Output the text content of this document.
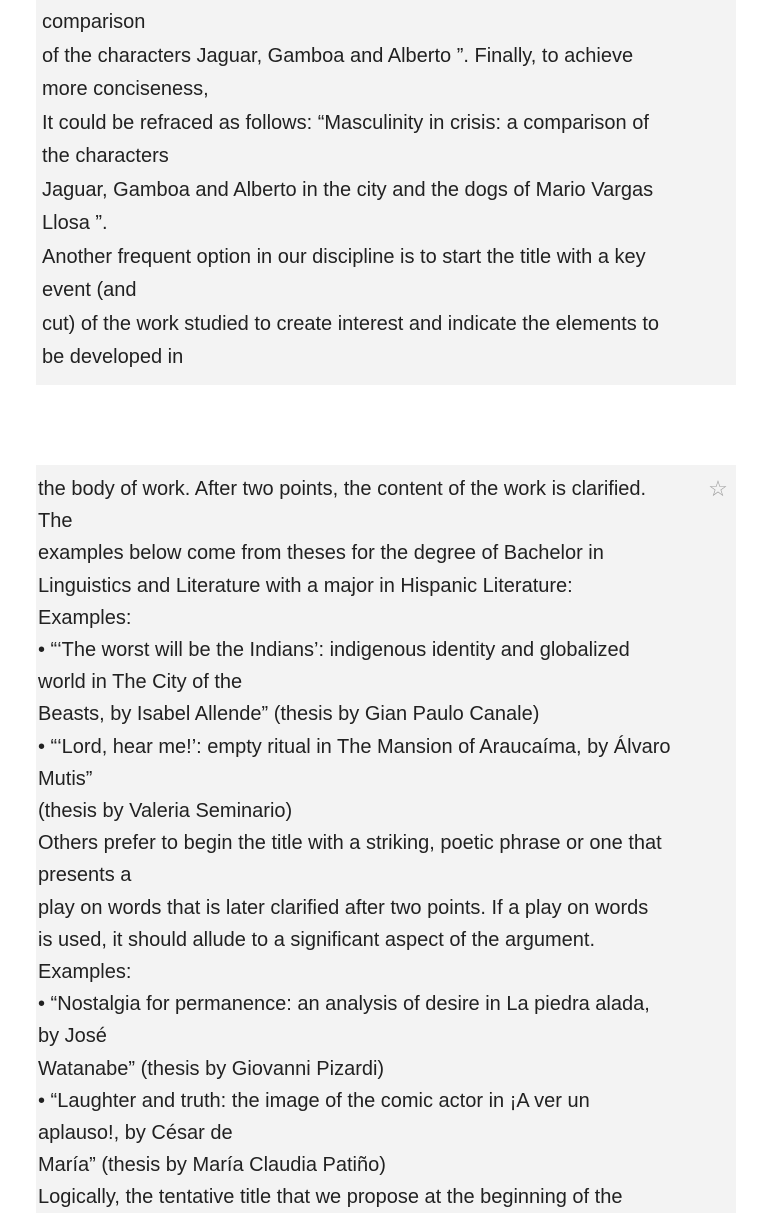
comparison
of the characters Jaguar, Gamboa and Alberto ”. Finally, to achieve
more conciseness,
It could be refraced as follows: “Masculinity in crisis: a comparison of
the characters
Jaguar, Gamboa and Alberto in the city and the dogs of Mario Vargas
Llosa ”.
Another frequent option in our discipline is to start the title with a key
event (and
cut) of the work studied to create interest and indicate the elements to
be developed in
☆
the body of work. After two points, the content of the work is clarified.
The
examples below come from theses for the degree of Bachelor in
Linguistics and Literature with a major in Hispanic Literature:
Examples:
• “‘The worst will be the Indians’: indigenous identity and globalized
world in The City of the
Beasts, by Isabel Allende” (thesis by Gian Paulo Canale)
• “‘Lord, hear me!’: empty ritual in The Mansion of Araucaíma, by Álvaro
Mutis”
(thesis by Valeria Seminario)
Others prefer to begin the title with a striking, poetic phrase or one that
presents a
play on words that is later clarified after two points. If a play on words
is used, it should allude to a significant aspect of the argument.
Examples:
• “Nostalgia for permanence: an analysis of desire in La piedra alada,
by José
Watanabe” (thesis by Giovanni Pizardi)
• “Laughter and truth: the image of the comic actor in ¡A ver un
aplauso!, by César de
María” (thesis by María Claudia Patiño)
Logically, the tentative title that we propose at the beginning of the
